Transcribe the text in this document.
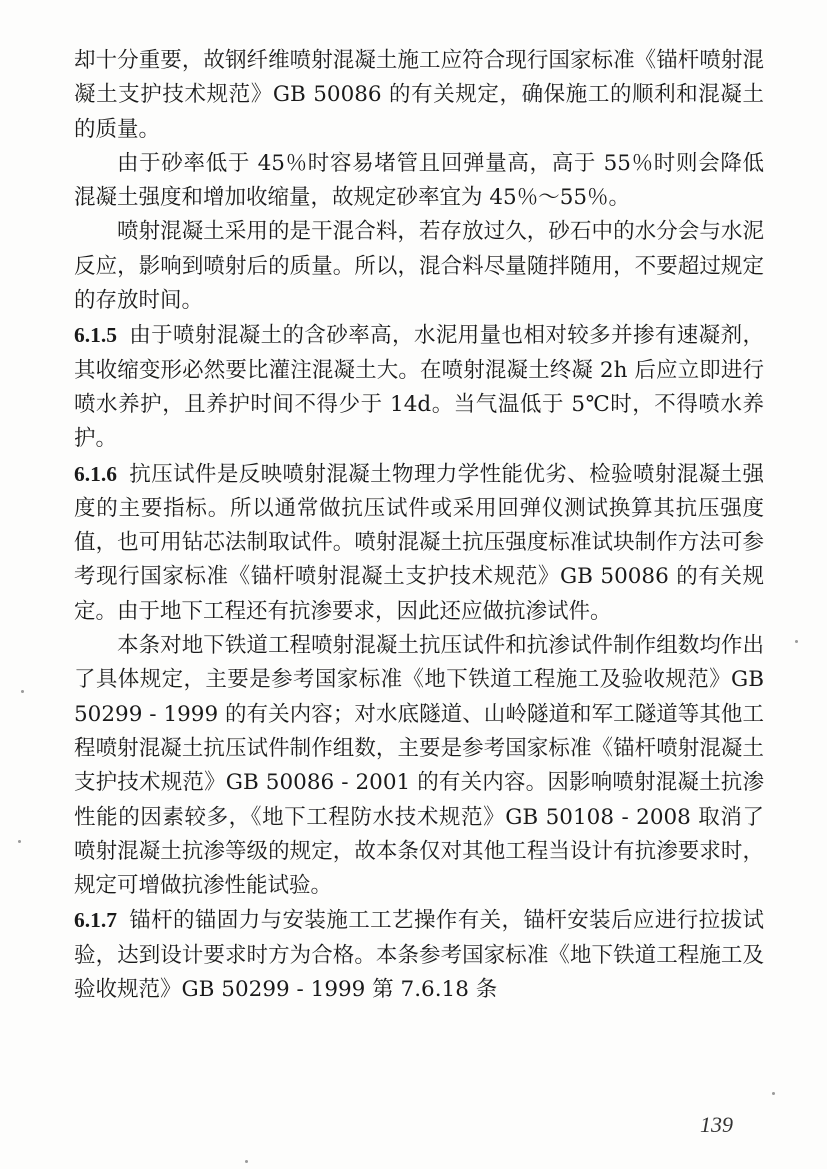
却十分重要，故钢纤维喷射混凝土施工应符合现行国家标准《锚杆喷射混凝土支护技术规范》GB 50086 的有关规定，确保施工的顺利和混凝土的质量。

由于砂率低于 45％时容易堵管且回弹量高，高于 55％时则会降低混凝土强度和增加收缩量，故规定砂率宜为 45％～55％。

喷射混凝土采用的是干混合料，若存放过久，砂石中的水分会与水泥反应，影响到喷射后的质量。所以，混合料尽量随拌随用，不要超过规定的存放时间。

6.1.5 由于喷射混凝土的含砂率高，水泥用量也相对较多并掺有速凝剂，其收缩变形必然要比灌注混凝土大。在喷射混凝土终凝 2h 后应立即进行喷水养护，且养护时间不得少于 14d。当气温低于 5℃时，不得喷水养护。

6.1.6 抗压试件是反映喷射混凝土物理力学性能优劣、检验喷射混凝土强度的主要指标。所以通常做抗压试件或采用回弹仪测试换算其抗压强度值，也可用钻芯法制取试件。喷射混凝土抗压强度标准试块制作方法可参考现行国家标准《锚杆喷射混凝土支护技术规范》GB 50086 的有关规定。由于地下工程还有抗渗要求，因此还应做抗渗试件。

本条对地下铁道工程喷射混凝土抗压试件和抗渗试件制作组数均作出了具体规定，主要是参考国家标准《地下铁道工程施工及验收规范》GB 50299 - 1999 的有关内容；对水底隧道、山岭隧道和军工隧道等其他工程喷射混凝土抗压试件制作组数，主要是参考国家标准《锚杆喷射混凝土支护技术规范》GB 50086 - 2001 的有关内容。因影响喷射混凝土抗渗性能的因素较多，《地下工程防水技术规范》GB 50108 - 2008 取消了喷射混凝土抗渗等级的规定，故本条仅对其他工程当设计有抗渗要求时，规定可增做抗渗性能试验。

6.1.7 锚杆的锚固力与安装施工工艺操作有关，锚杆安装后应进行拉拔试验，达到设计要求时方为合格。本条参考国家标准《地下铁道工程施工及验收规范》GB 50299 - 1999 第 7.6.18 条

139
